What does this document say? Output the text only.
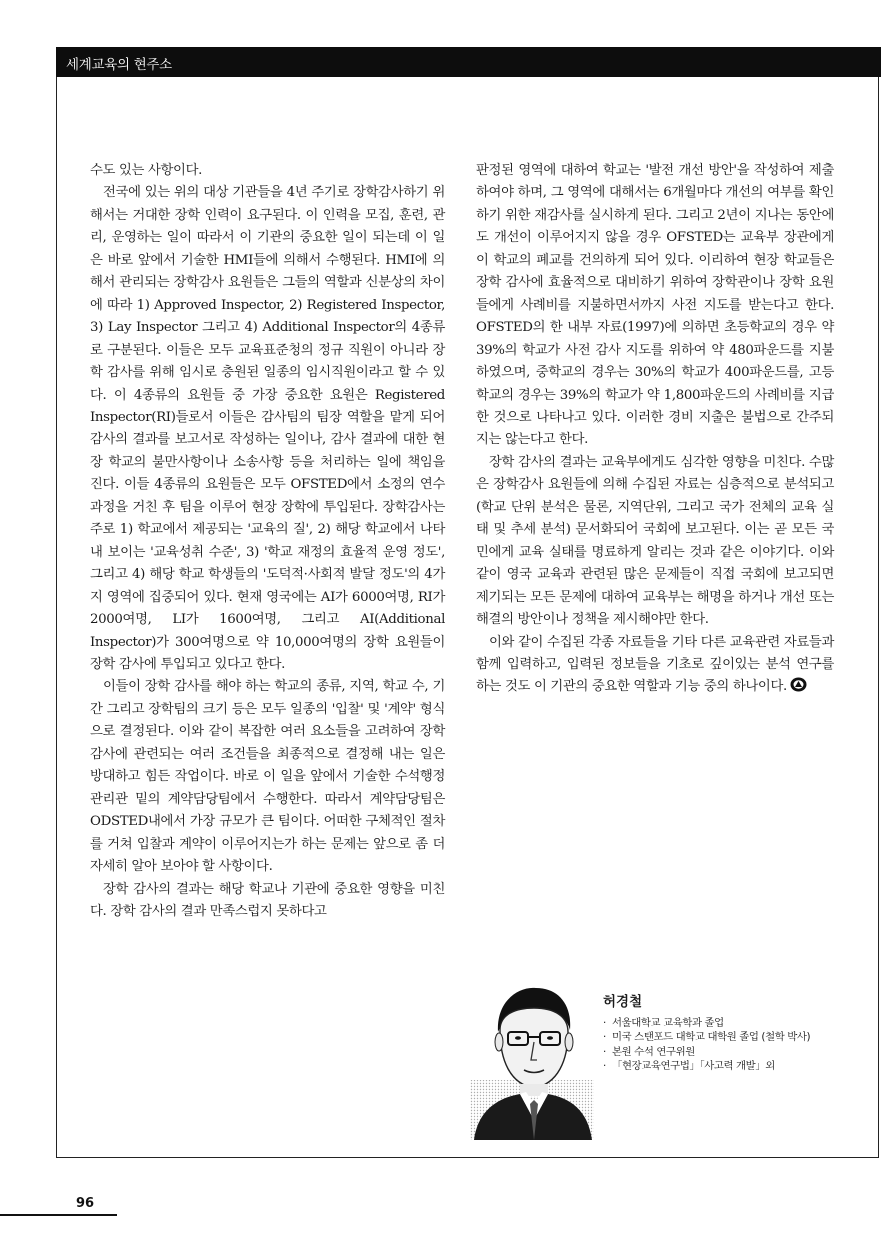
세계교육의 현주소

수도 있는 사항이다.

전국에 있는 위의 대상 기관들을 4년 주기로 장학감사하기 위해서는 거대한 장학 인력이 요구된다. 이 인력을 모집, 훈련, 관리, 운영하는 일이 따라서 이 기관의 중요한 일이 되는데 이 일은 바로 앞에서 기술한 HMI들에 의해서 수행된다. HMI에 의해서 관리되는 장학감사 요원들은 그들의 역할과 신분상의 차이에 따라 1) Approved Inspector, 2) Registered Inspector, 3) Lay Inspector 그리고 4) Additional Inspector의 4종류로 구분된다. 이들은 모두 교육표준청의 정규 직원이 아니라 장학 감사를 위해 임시로 충원된 일종의 임시직원이라고 할 수 있다. 이 4종류의 요원들 중 가장 중요한 요원은 Registered Inspector(RI)들로서 이들은 감사팀의 팀장 역할을 맡게 되어 감사의 결과를 보고서로 작성하는 일이나, 감사 결과에 대한 현장 학교의 불만사항이나 소송사항 등을 처리하는 일에 책임을 진다. 이들 4종류의 요원들은 모두 OFSTED에서 소정의 연수과정을 거친 후 팀을 이루어 현장 장학에 투입된다. 장학감사는 주로 1) 학교에서 제공되는 '교육의 질', 2) 해당 학교에서 나타내 보이는 '교육성취 수준', 3) '학교 재정의 효율적 운영 정도', 그리고 4) 해당 학교 학생들의 '도덕적·사회적 발달 정도'의 4가지 영역에 집중되어 있다. 현재 영국에는 AI가 6000여명, RI가 2000여명, LI가 1600여명, 그리고 AI(Additional Inspector)가 300여명으로 약 10,000여명의 장학 요원들이 장학 감사에 투입되고 있다고 한다.

이들이 장학 감사를 해야 하는 학교의 종류, 지역, 학교 수, 기간 그리고 장학팀의 크기 등은 모두 일종의 '입찰' 및 '계약' 형식으로 결정된다. 이와 같이 복잡한 여러 요소들을 고려하여 장학 감사에 관련되는 여러 조건들을 최종적으로 결정해 내는 일은 방대하고 힘든 작업이다. 바로 이 일을 앞에서 기술한 수석행정관리관 밑의 계약담당팀에서 수행한다. 따라서 계약담당팀은 ODSTED내에서 가장 규모가 큰 팀이다. 어떠한 구체적인 절차를 거쳐 입찰과 계약이 이루어지는가 하는 문제는 앞으로 좀 더 자세히 알아 보아야 할 사항이다.

장학 감사의 결과는 해당 학교나 기관에 중요한 영향을 미친다. 장학 감사의 결과 만족스럽지 못하다고

판정된 영역에 대하여 학교는 '발전 개선 방안'을 작성하여 제출하여야 하며, 그 영역에 대해서는 6개월마다 개선의 여부를 확인하기 위한 재감사를 실시하게 된다. 그리고 2년이 지나는 동안에도 개선이 이루어지지 않을 경우 OFSTED는 교육부 장관에게 이 학교의 폐교를 건의하게 되어 있다. 이리하여 현장 학교들은 장학 감사에 효율적으로 대비하기 위하여 장학관이나 장학 요원들에게 사례비를 지불하면서까지 사전 지도를 받는다고 한다. OFSTED의 한 내부 자료(1997)에 의하면 초등학교의 경우 약 39%의 학교가 사전 감사 지도를 위하여 약 480파운드를 지불하였으며, 중학교의 경우는 30%의 학교가 400파운드를, 고등학교의 경우는 39%의 학교가 약 1,800파운드의 사례비를 지급한 것으로 나타나고 있다. 이러한 경비 지출은 불법으로 간주되지는 않는다고 한다.

장학 감사의 결과는 교육부에게도 심각한 영향을 미친다. 수많은 장학감사 요원들에 의해 수집된 자료는 심층적으로 분석되고(학교 단위 분석은 물론, 지역단위, 그리고 국가 전체의 교육 실태 및 추세 분석) 문서화되어 국회에 보고된다. 이는 곧 모든 국민에게 교육 실태를 명료하게 알리는 것과 같은 이야기다. 이와 같이 영국 교육과 관련된 많은 문제들이 직접 국회에 보고되면 제기되는 모든 문제에 대하여 교육부는 해명을 하거나 개선 또는 해결의 방안이나 정책을 제시해야만 한다.

이와 같이 수집된 각종 자료들을 기타 다른 교육관련 자료들과 함께 입력하고, 입력된 정보들을 기초로 깊이있는 분석 연구를 하는 것도 이 기관의 중요한 역할과 기능 중의 하나이다.

허경철
· 서울대학교 교육학과 졸업
· 미국 스탠포드 대학교 대학원 졸업 (철학 박사)
· 본원 수석 연구위원
· 「현장교육연구법」「사고력 개발」외
96
